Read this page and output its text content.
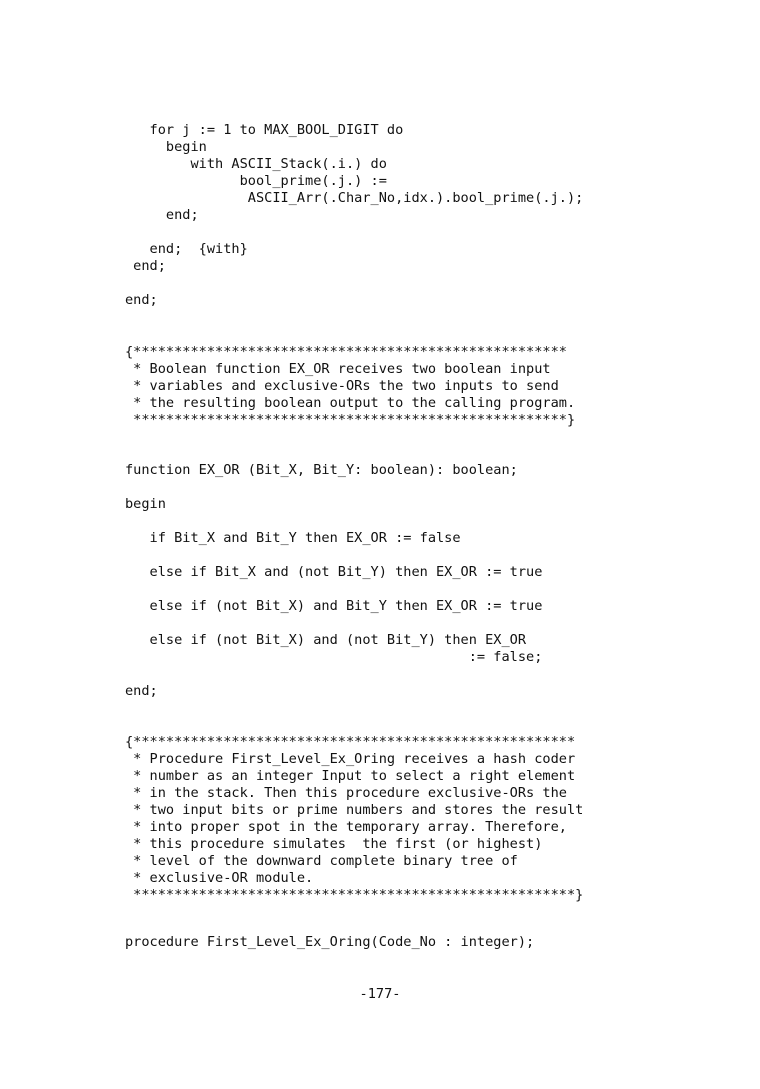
for j := 1 to MAX_BOOL_DIGIT do
begin
with ASCII_Stack(.i.) do
bool_prime(.j.) :=
ASCII_Arr(.Char_No,idx.).bool_prime(.j.);
end;
end;  {with}
end;
end;
{*****************************************************
* Boolean function EX_OR receives two boolean input
* variables and exclusive-ORs the two inputs to send
* the resulting boolean output to the calling program.
*****************************************************}
function EX_OR (Bit_X, Bit_Y: boolean): boolean;
begin
if Bit_X and Bit_Y then EX_OR := false
else if Bit_X and (not Bit_Y) then EX_OR := true
else if (not Bit_X) and Bit_Y then EX_OR := true
else if (not Bit_X) and (not Bit_Y) then EX_OR
:= false;
end;
{******************************************************
* Procedure First_Level_Ex_Oring receives a hash coder
* number as an integer Input to select a right element
* in the stack. Then this procedure exclusive-ORs the
* two input bits or prime numbers and stores the result
* into proper spot in the temporary array. Therefore,
* this procedure simulates  the first (or highest)
* level of the downward complete binary tree of
* exclusive-OR module.
******************************************************}
procedure First_Level_Ex_Oring(Code_No : integer);
-177-
